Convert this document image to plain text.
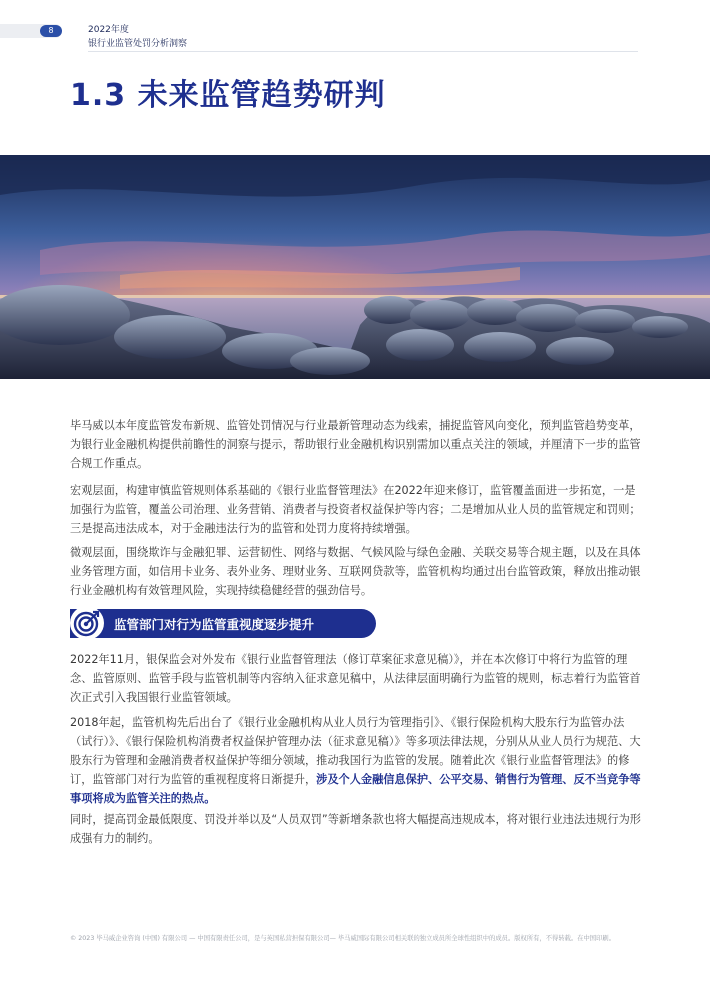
8	2022年度
银行业监管处罚分析洞察
1.3 未来监管趋势研判

毕马威以本年度监管发布新规、监管处罚情况与行业最新管理动态为线索，捕捉监管风向变化，预判监管趋势变革，为银行业金融机构提供前瞻性的洞察与提示，帮助银行业金融机构识别需加以重点关注的领域，并厘清下一步的监管合规工作重点。

宏观层面，构建审慎监管规则体系基础的《银行业监督管理法》在2022年迎来修订，监管覆盖面进一步拓宽，一是加强行为监管，覆盖公司治理、业务营销、消费者与投资者权益保护等内容；二是增加从业人员的监管规定和罚则；三是提高违法成本，对于金融违法行为的监管和处罚力度将持续增强。

微观层面，围绕欺诈与金融犯罪、运营韧性、网络与数据、气候风险与绿色金融、关联交易等合规主题，以及在具体业务管理方面，如信用卡业务、表外业务、理财业务、互联网贷款等，监管机构均通过出台监管政策，释放出推动银行业金融机构有效管理风险，实现持续稳健经营的强劲信号。

监管部门对行为监管重视度逐步提升

2022年11月，银保监会对外发布《银行业监督管理法（修订草案征求意见稿）》，并在本次修订中将行为监管的理念、监管原则、监管手段与监管机制等内容纳入征求意见稿中，从法律层面明确行为监管的规则，标志着行为监管首次正式引入我国银行业监管领域。

2018年起，监管机构先后出台了《银行业金融机构从业人员行为管理指引》、《银行保险机构大股东行为监管办法（试行）》、《银行保险机构消费者权益保护管理办法（征求意见稿）》等多项法律法规，分别从从业人员行为规范、大股东行为管理和金融消费者权益保护等细分领域，推动我国行为监管的发展。随着此次《银行业监督管理法》的修订，监管部门对行为监管的重视程度将日渐提升，涉及个人金融信息保护、公平交易、销售行为管理、反不当竞争等事项将成为监管关注的热点。

同时，提高罚金最低限度、罚没并举以及“人员双罚”等新增条款也将大幅提高违规成本，将对银行业违法违规行为形成强有力的制约。

© 2023 毕马威企业咨询 (中国) 有限公司 — 中国有限责任公司，是与英国私营担保有限公司— 毕马威国际有限公司相关联的独立成员所全球性组织中的成员。版权所有，不得转载。在中国印刷。
